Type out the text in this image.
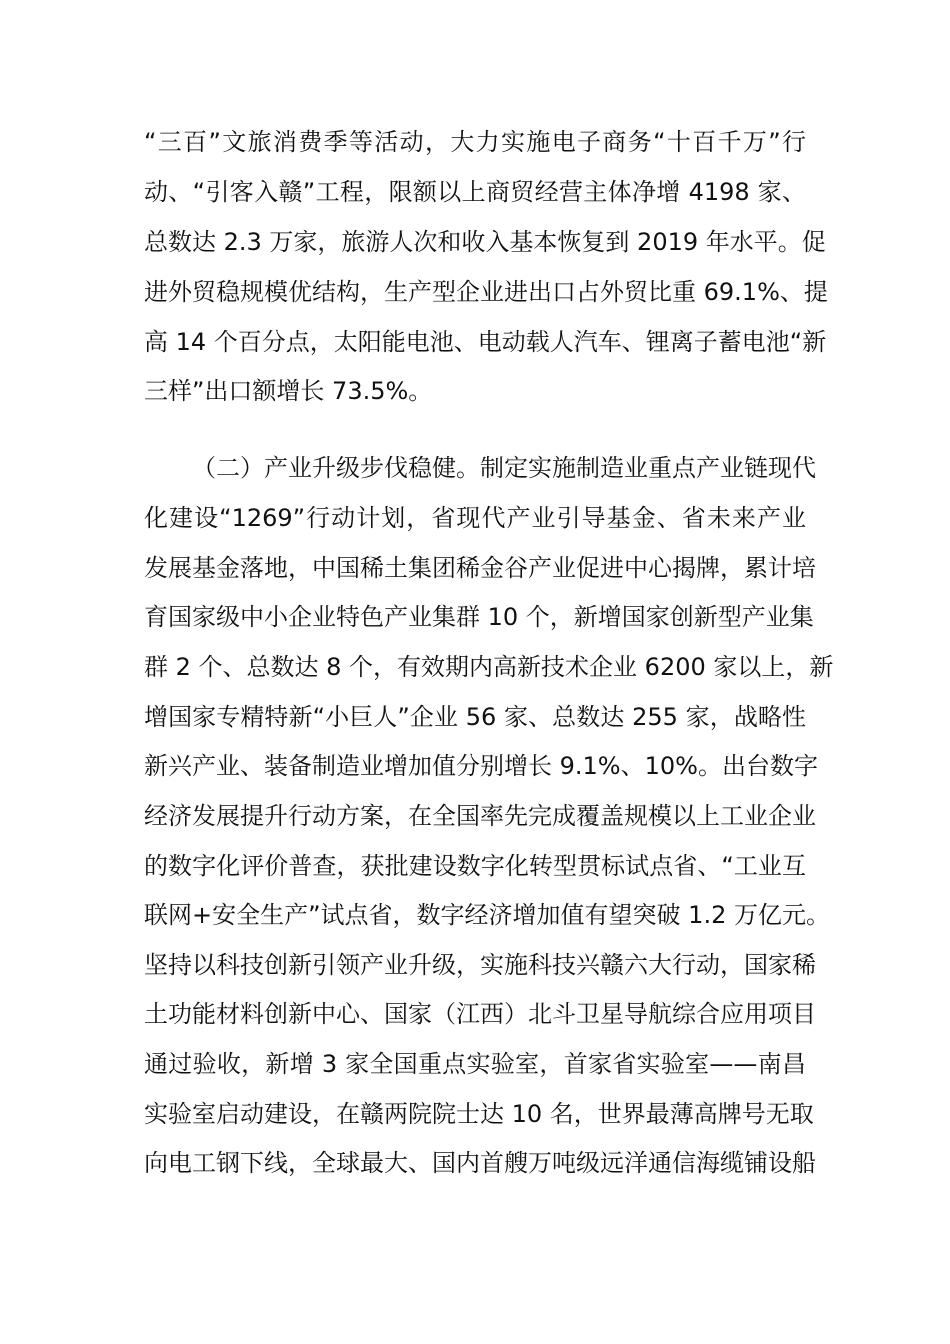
“三百”文旅消费季等活动，大力实施电子商务“十百千万”行
动、“引客入赣”工程，限额以上商贸经营主体净增 4198 家、
总数达 2.3 万家，旅游人次和收入基本恢复到 2019 年水平。促
进外贸稳规模优结构，生产型企业进出口占外贸比重 69.1%、提
高 14 个百分点，太阳能电池、电动载人汽车、锂离子蓄电池“新
三样”出口额增长 73.5%。
（二）产业升级步伐稳健。制定实施制造业重点产业链现代
化建设“1269”行动计划，省现代产业引导基金、省未来产业
发展基金落地，中国稀土集团稀金谷产业促进中心揭牌，累计培
育国家级中小企业特色产业集群 10 个，新增国家创新型产业集
群 2 个、总数达 8 个，有效期内高新技术企业 6200 家以上，新
增国家专精特新“小巨人”企业 56 家、总数达 255 家，战略性
新兴产业、装备制造业增加值分别增长 9.1%、10%。出台数字
经济发展提升行动方案，在全国率先完成覆盖规模以上工业企业
的数字化评价普查，获批建设数字化转型贯标试点省、“工业互
联网+安全生产”试点省，数字经济增加值有望突破 1.2 万亿元。
坚持以科技创新引领产业升级，实施科技兴赣六大行动，国家稀
土功能材料创新中心、国家（江西）北斗卫星导航综合应用项目
通过验收，新增 3 家全国重点实验室，首家省实验室——南昌
实验室启动建设，在赣两院院士达 10 名，世界最薄高牌号无取
向电工钢下线，全球最大、国内首艘万吨级远洋通信海缆铺设船
